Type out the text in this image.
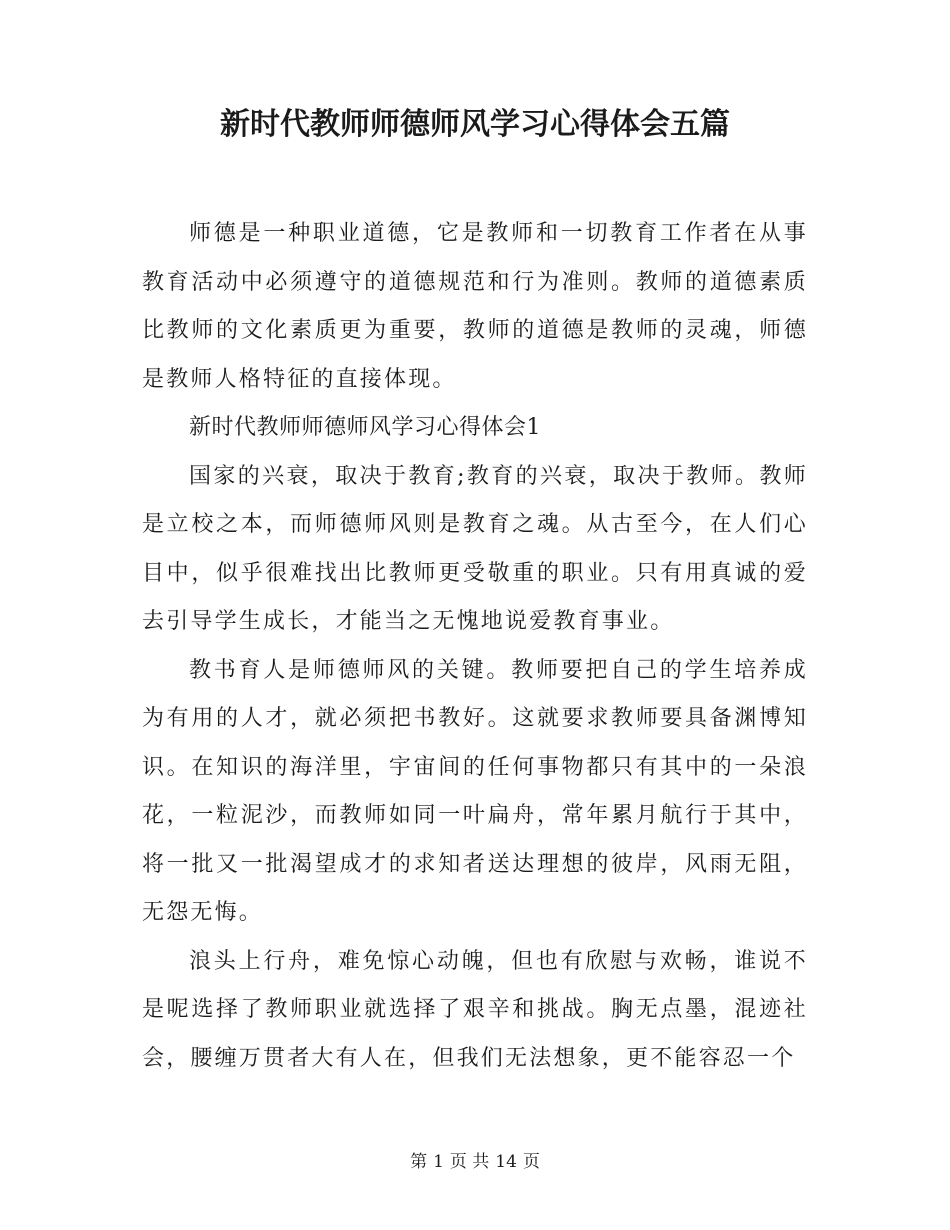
新时代教师师德师风学习心得体会五篇

师德是一种职业道德，它是教师和一切教育工作者在从事教育活动中必须遵守的道德规范和行为准则。教师的道德素质比教师的文化素质更为重要，教师的道德是教师的灵魂，师德是教师人格特征的直接体现。

新时代教师师德师风学习心得体会1

国家的兴衰，取决于教育;教育的兴衰，取决于教师。教师是立校之本，而师德师风则是教育之魂。从古至今，在人们心目中，似乎很难找出比教师更受敬重的职业。只有用真诚的爱去引导学生成长，才能当之无愧地说爱教育事业。

教书育人是师德师风的关键。教师要把自己的学生培养成为有用的人才，就必须把书教好。这就要求教师要具备渊博知识。在知识的海洋里，宇宙间的任何事物都只有其中的一朵浪花，一粒泥沙，而教师如同一叶扁舟，常年累月航行于其中，将一批又一批渴望成才的求知者送达理想的彼岸，风雨无阻，无怨无悔。

浪头上行舟，难免惊心动魄，但也有欣慰与欢畅，谁说不是呢选择了教师职业就选择了艰辛和挑战。胸无点墨，混迹社会，腰缠万贯者大有人在，但我们无法想象，更不能容忍一个

第 1 页 共 14 页
